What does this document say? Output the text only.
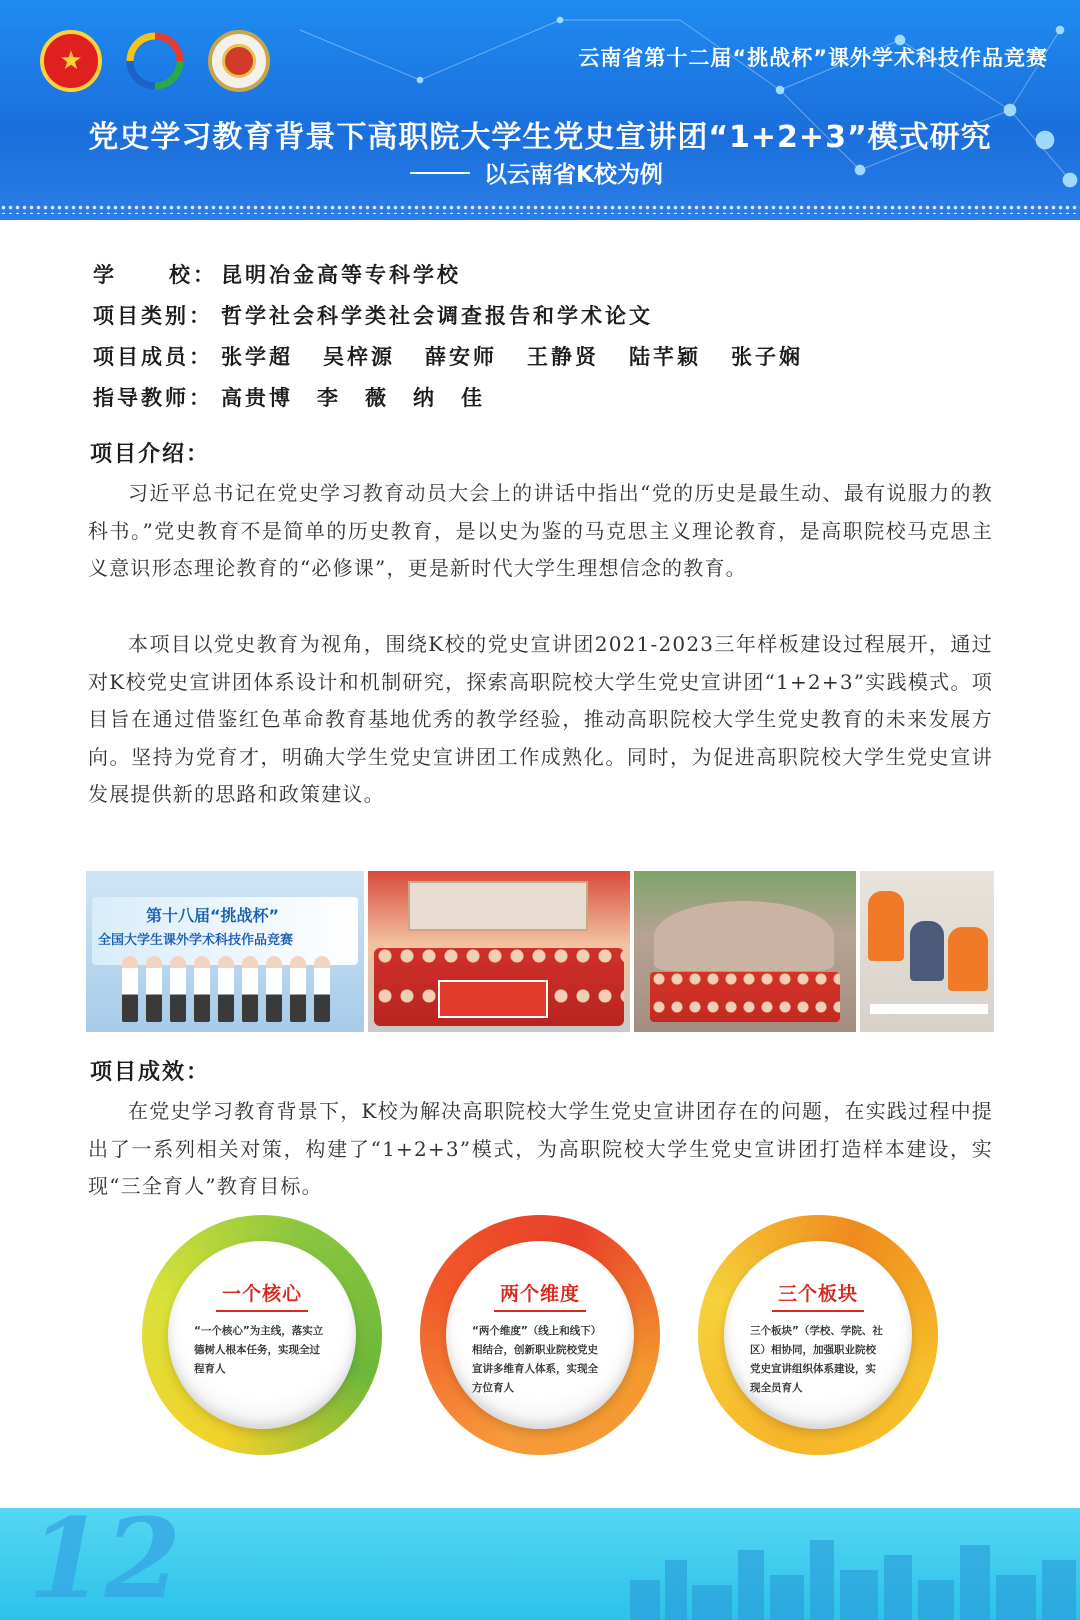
★	云南省第十二届“挑战杯”课外学术科技作品竞赛
党史学习教育背景下高职院大学生党史宣讲团“1+2+3”模式研究
以云南省K校为例
学 校： 昆明冶金高等专科学校
项目类别： 哲学社会科学类社会调查报告和学术论文
项目成员： 张学超 吴梓源 薛安师 王静贤 陆芊颖 张子娴
指导教师： 高贵博　李　薇　纳　佳
项目介绍：

习近平总书记在党史学习教育动员大会上的讲话中指出“党的历史是最生动、最有说服力的教科书。”党史教育不是简单的历史教育，是以史为鉴的马克思主义理论教育，是高职院校马克思主义意识形态理论教育的“必修课”，更是新时代大学生理想信念的教育。

本项目以党史教育为视角，围绕K校的党史宣讲团2021-2023三年样板建设过程展开，通过对K校党史宣讲团体系设计和机制研究，探索高职院校大学生党史宣讲团“1+2+3”实践模式。项目旨在通过借鉴红色革命教育基地优秀的教学经验，推动高职院校大学生党史教育的未来发展方向。坚持为党育才，明确大学生党史宣讲团工作成熟化。同时，为促进高职院校大学生党史宣讲发展提供新的思路和政策建议。

第十八届“挑战杯”
全国大学生课外学术科技作品竞赛
项目成效：

在党史学习教育背景下，K校为解决高职院校大学生党史宣讲团存在的问题，在实践过程中提出了一系列相关对策，构建了“1+2+3”模式，为高职院校大学生党史宣讲团打造样本建设，实现“三全育人”教育目标。

一个核心
“一个核心”为主线，落实立德树人根本任务，实现全过程育人
两个维度
“两个维度”（线上和线下）相结合，创新职业院校党史宣讲多维育人体系，实现全方位育人
三个板块
三个板块”（学校、学院、社区）相协同，加强职业院校党史宣讲组织体系建设，实现全员育人
12
